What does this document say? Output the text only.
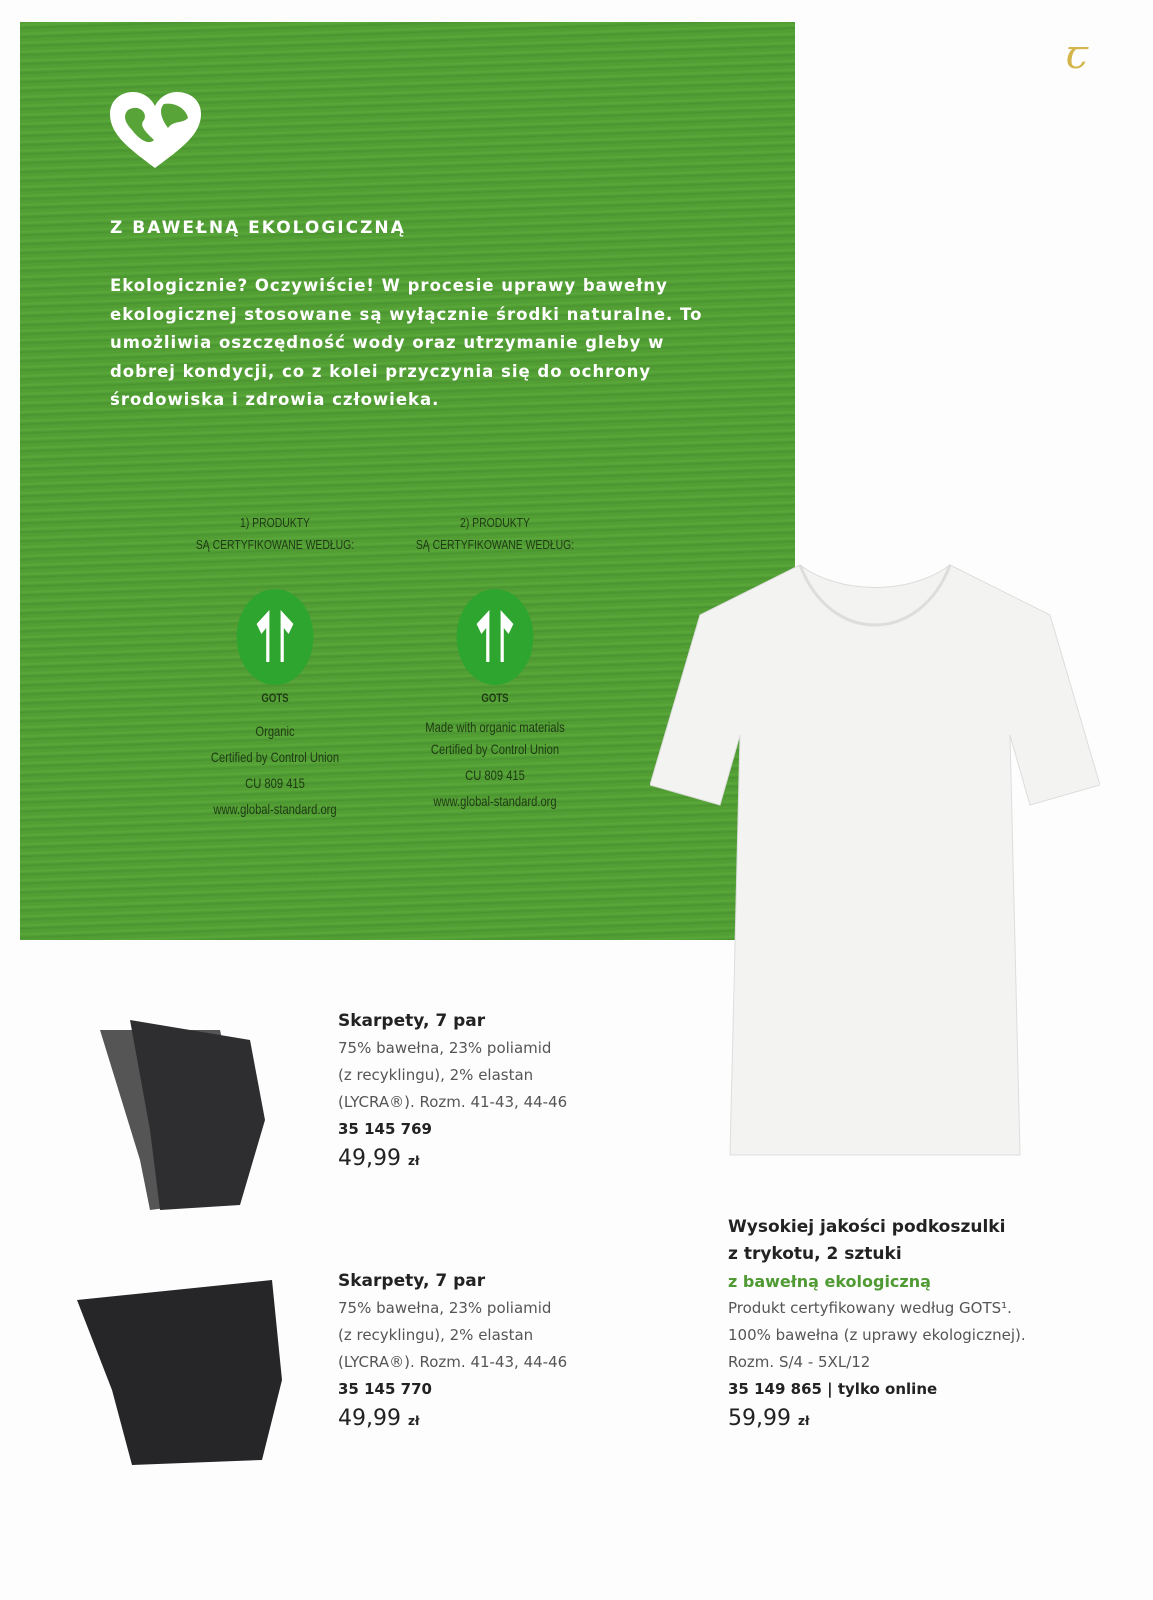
Z BAWEŁNĄ EKOLOGICZNĄ
Ekologicznie? Oczywiście! W procesie uprawy bawełny ekologicznej stosowane są wyłącznie środki naturalne. To umożliwia oszczędność wody oraz utrzymanie gleby w dobrej kondycji, co z kolei przyczynia się do ochrony środowiska i zdrowia człowieka.
1) PRODUKTY
SĄ CERTYFIKOWANE WEDŁUG:
GOTS
Organic
Certified by Control Union
CU 809 415
www.global-standard.org
2) PRODUKTY
SĄ CERTYFIKOWANE WEDŁUG:
GOTS
Made with organic materials
Certified by Control Union
CU 809 415
www.global-standard.org
ꞇ
Skarpety, 7 par
75% bawełna, 23% poliamid
(z recyklingu), 2% elastan
(LYCRA®). Rozm. 41-43, 44-46
35 145 769
49,99 zł
Skarpety, 7 par
75% bawełna, 23% poliamid
(z recyklingu), 2% elastan
(LYCRA®). Rozm. 41-43, 44-46
35 145 770
49,99 zł
Wysokiej jakości podkoszulki
z trykotu, 2 sztuki
z bawełną ekologiczną
Produkt certyfikowany według GOTS¹.
100% bawełna (z uprawy ekologicznej).
Rozm. S/4 - 5XL/12
35 149 865 | tylko online
59,99 zł
